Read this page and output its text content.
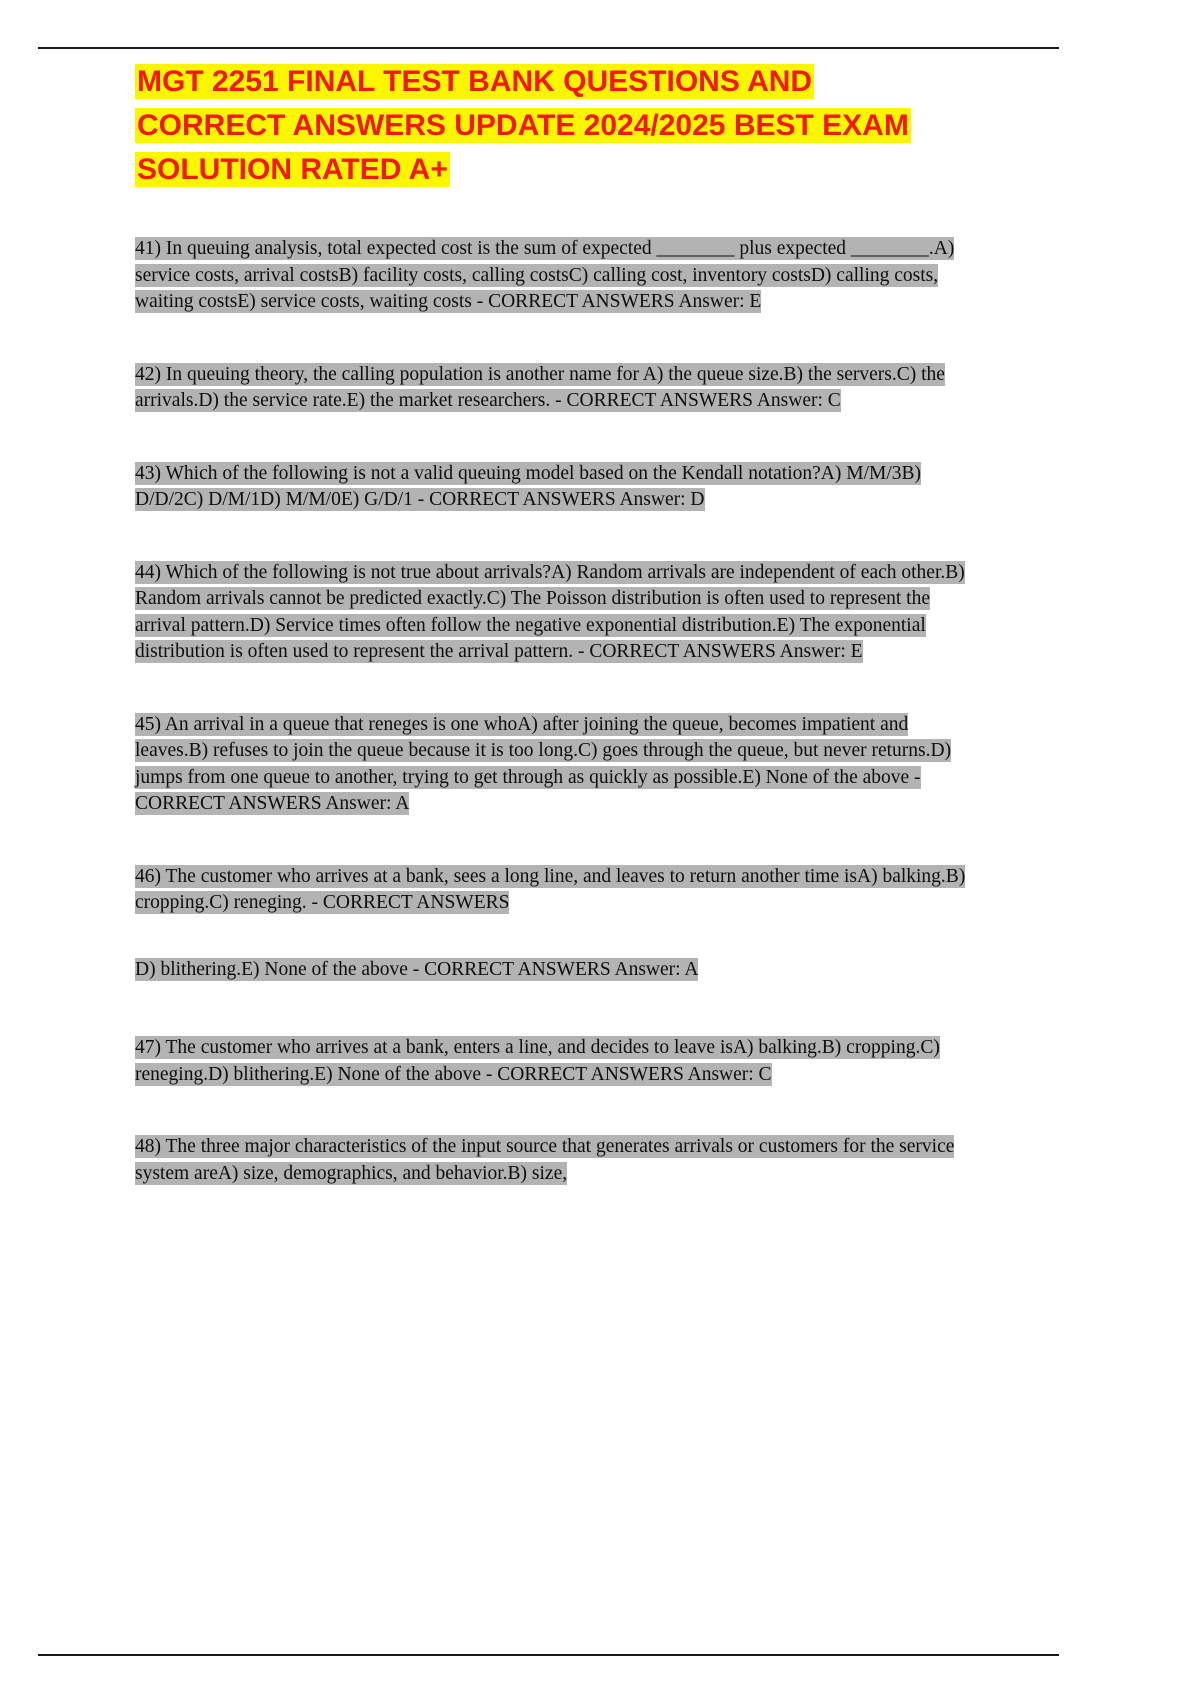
MGT 2251 FINAL TEST BANK QUESTIONS AND
CORRECT ANSWERS UPDATE 2024/2025 BEST EXAM
SOLUTION RATED A+

41) In queuing analysis, total expected cost is the sum of expected ________ plus expected ________.A) service costs, arrival costsB) facility costs, calling costsC) calling cost, inventory costsD) calling costs, waiting costsE) service costs, waiting costs - CORRECT ANSWERS Answer: E

42) In queuing theory, the calling population is another name for A) the queue size.B) the servers.C) the arrivals.D) the service rate.E) the market researchers. - CORRECT ANSWERS Answer: C

43) Which of the following is not a valid queuing model based on the Kendall notation?A) M/M/3B) D/D/2C) D/M/1D) M/M/0E) G/D/1 - CORRECT ANSWERS Answer: D

44) Which of the following is not true about arrivals?A) Random arrivals are independent of each other.B) Random arrivals cannot be predicted exactly.C) The Poisson distribution is often used to represent the arrival pattern.D) Service times often follow the negative exponential distribution.E) The exponential distribution is often used to represent the arrival pattern. - CORRECT ANSWERS Answer: E

45) An arrival in a queue that reneges is one whoA) after joining the queue, becomes impatient and leaves.B) refuses to join the queue because it is too long.C) goes through the queue, but never returns.D) jumps from one queue to another, trying to get through as quickly as possible.E) None of the above - CORRECT ANSWERS Answer: A

46) The customer who arrives at a bank, sees a long line, and leaves to return another time isA) balking.B) cropping.C) reneging. - CORRECT ANSWERS

D) blithering.E) None of the above - CORRECT ANSWERS Answer: A

47) The customer who arrives at a bank, enters a line, and decides to leave isA) balking.B) cropping.C) reneging.D) blithering.E) None of the above - CORRECT ANSWERS Answer: C

48) The three major characteristics of the input source that generates arrivals or customers for the service system areA) size, demographics, and behavior.B) size,
